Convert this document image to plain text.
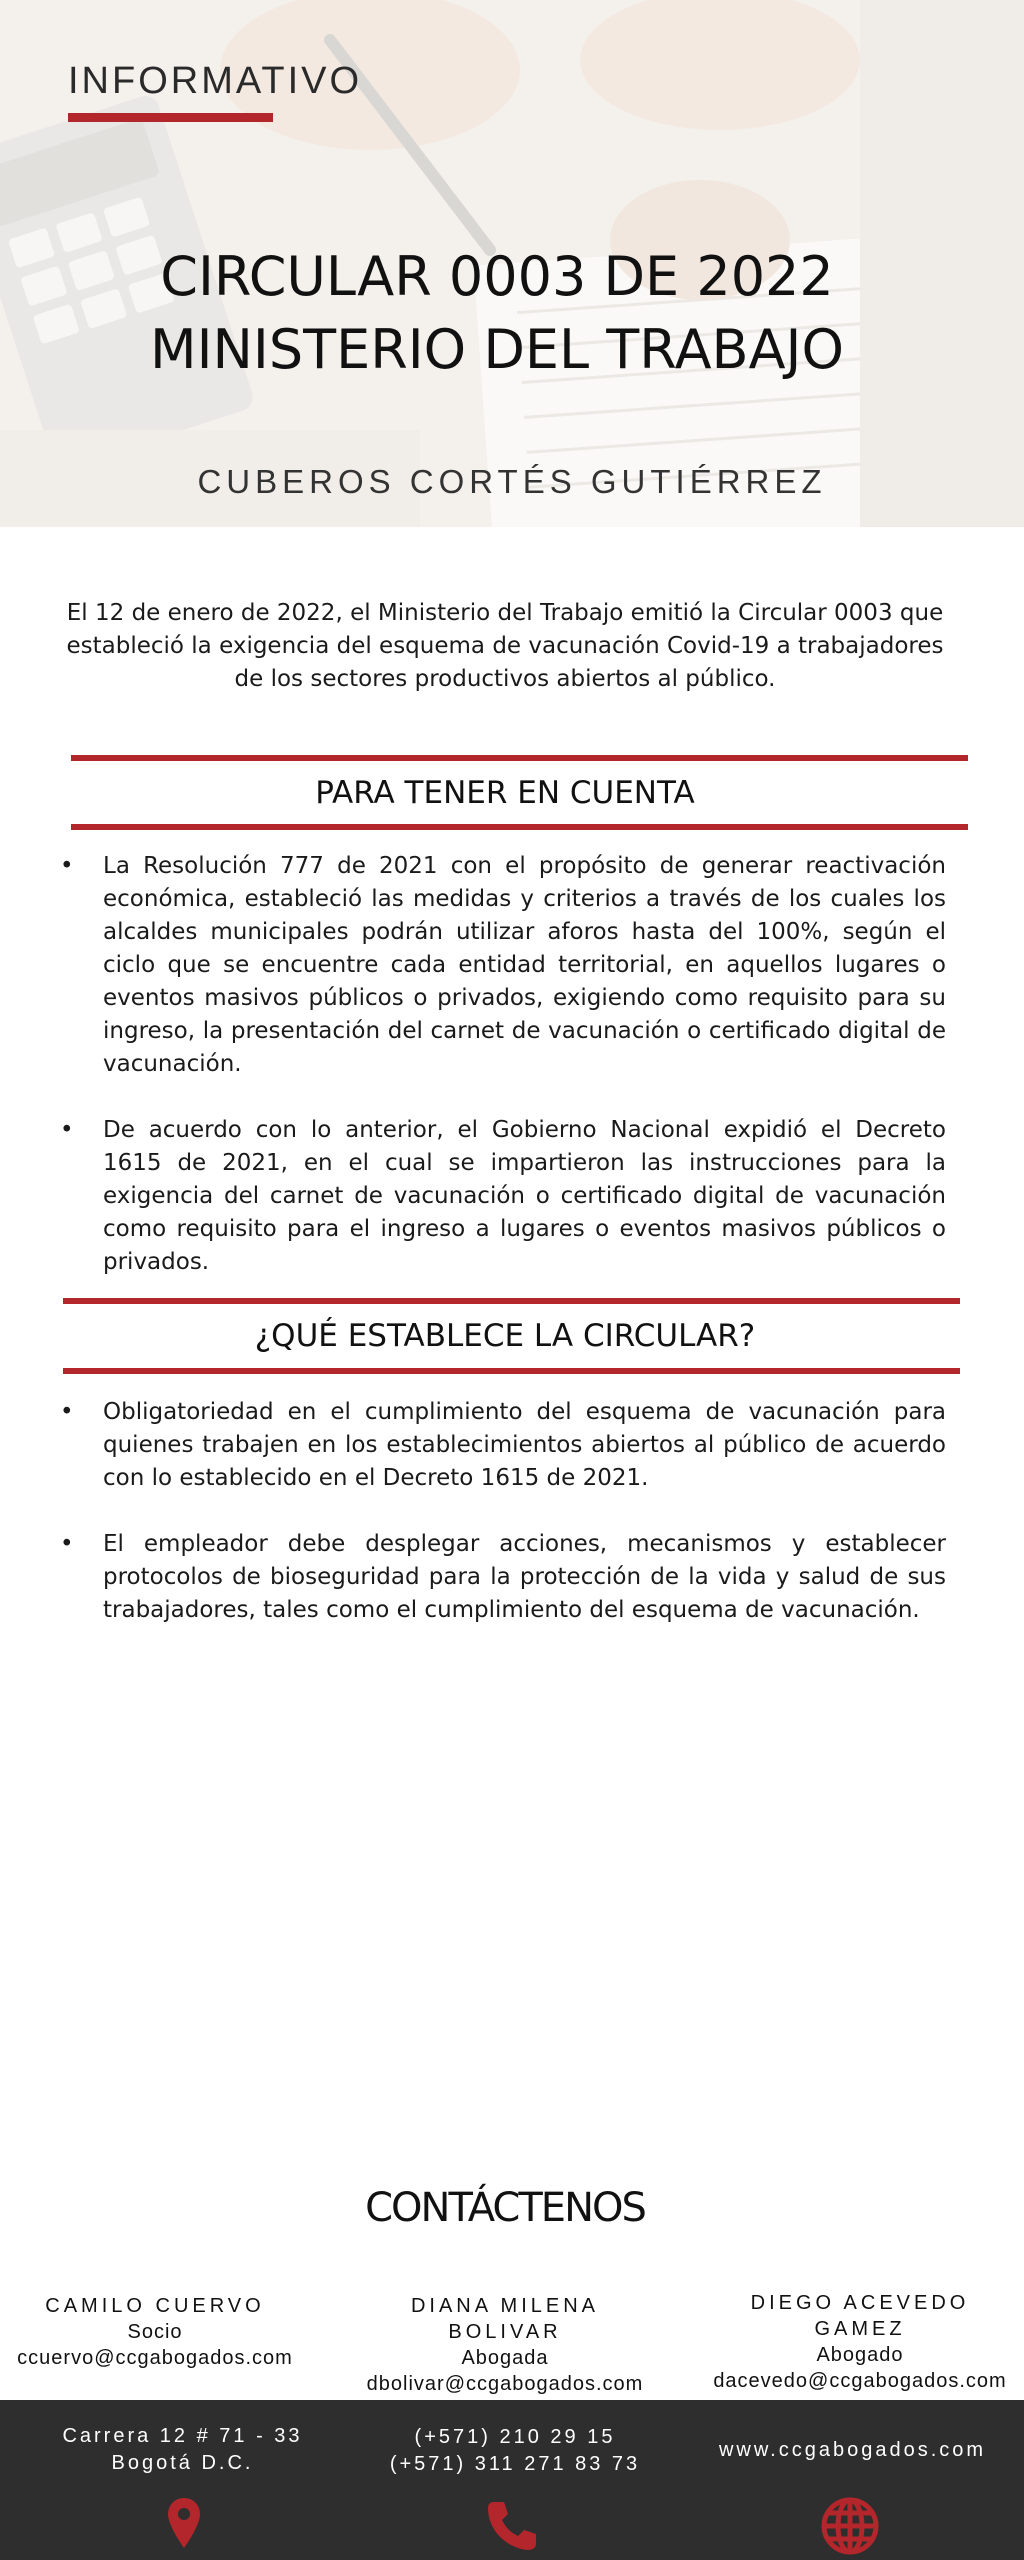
INFORMATIVO
CIRCULAR 0003 DE 2022
MINISTERIO DEL TRABAJO
CUBEROS CORTÉS GUTIÉRREZ
El 12 de enero de 2022, el Ministerio del Trabajo emitió la Circular 0003 que estableció la exigencia del esquema de vacunación Covid-19 a trabajadores de los sectores productivos abiertos al público.
PARA TENER EN CUENTA
• La Resolución 777 de 2021 con el propósito de generar reactivación económica, estableció las medidas y criterios a través de los cuales los alcaldes municipales podrán utilizar aforos hasta del 100%, según el ciclo que se encuentre cada entidad territorial, en aquellos lugares o eventos masivos públicos o privados, exigiendo como requisito para su ingreso, la presentación del carnet de vacunación o certificado digital de vacunación.
• De acuerdo con lo anterior, el Gobierno Nacional expidió el Decreto 1615 de 2021, en el cual se impartieron las instrucciones para la exigencia del carnet de vacunación o certificado digital de vacunación como requisito para el ingreso a lugares o eventos masivos públicos o privados.
¿QUÉ ESTABLECE LA CIRCULAR?
• Obligatoriedad en el cumplimiento del esquema de vacunación para quienes trabajen en los establecimientos abiertos al público de acuerdo con lo establecido en el Decreto 1615 de 2021.
• El empleador debe desplegar acciones, mecanismos y establecer protocolos de bioseguridad para la protección de la vida y salud de sus trabajadores, tales como el cumplimiento del esquema de vacunación.
CONTÁCTENOS
CAMILO CUERVO
Socio
ccuervo@ccgabogados.com
DIANA MILENA
BOLIVAR
Abogada
dbolivar@ccgabogados.com
DIEGO ACEVEDO
GAMEZ
Abogado
dacevedo@ccgabogados.com
Carrera 12 # 71 - 33
Bogotá D.C.
(+571) 210 29 15
(+571) 311 271 83 73
www.ccgabogados.com
